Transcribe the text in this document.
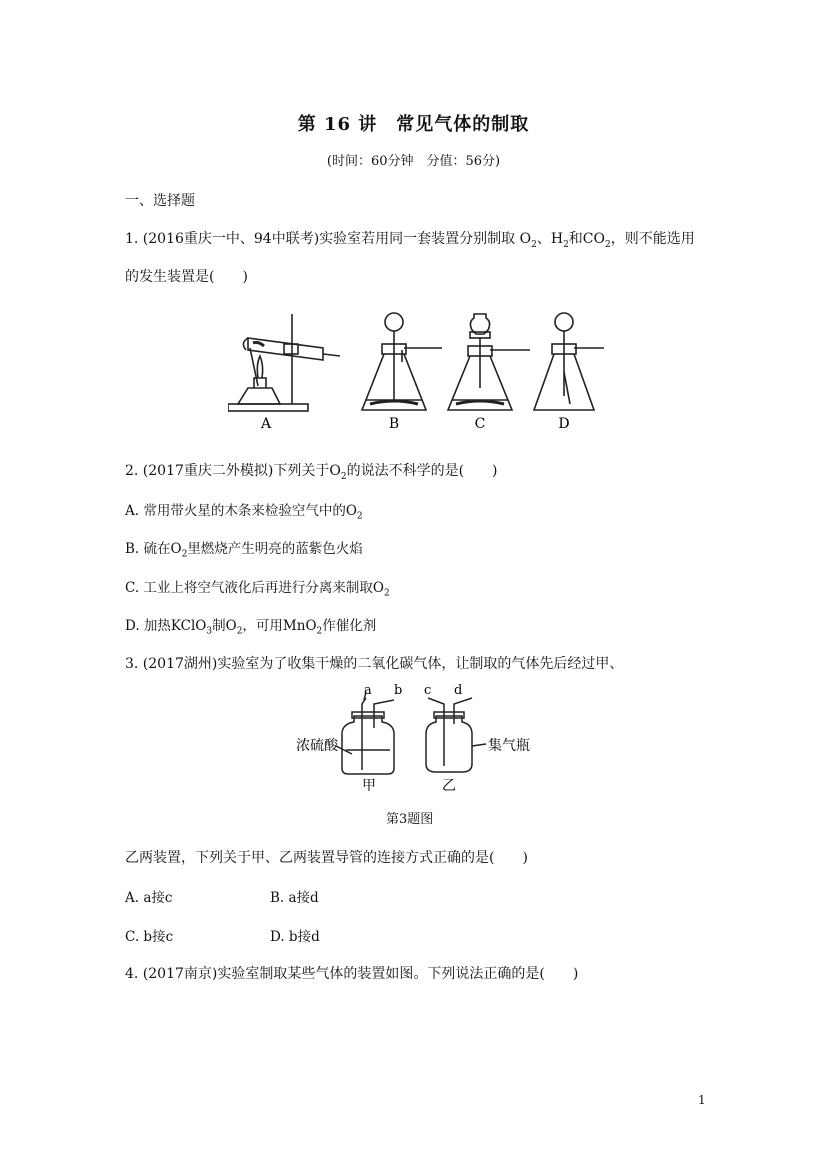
第 16 讲　常见气体的制取
(时间：60分钟　分值：56分)
一、选择题
1. (2016重庆一中、94中联考)实验室若用同一套装置分别制取 $O_2$、$H_2$和$CO_2$，则不能选用
的发生装置是(　　)
A	B	C	D
2. (2017重庆二外模拟)下列关于$O_2$的说法不科学的是(　　)
A. 常用带火星的木条来检验空气中的$O_2$
B. 硫在$O_2$里燃烧产生明亮的蓝紫色火焰
C. 工业上将空气液化后再进行分离来制取$O_2$
D. 加热KClO$_3$制$O_2$，可用MnO$_2$作催化剂
3. (2017湖州)实验室为了收集干燥的二氧化碳气体，让制取的气体先后经过甲、
a b c d
浓硫酸	集气瓶
甲	乙
第3题图
乙两装置，下列关于甲、乙两装置导管的连接方式正确的是(　　)
A. a接c	B. a接d
C. b接c	D. b接d
4. (2017南京)实验室制取某些气体的装置如图。下列说法正确的是(　　)
1
